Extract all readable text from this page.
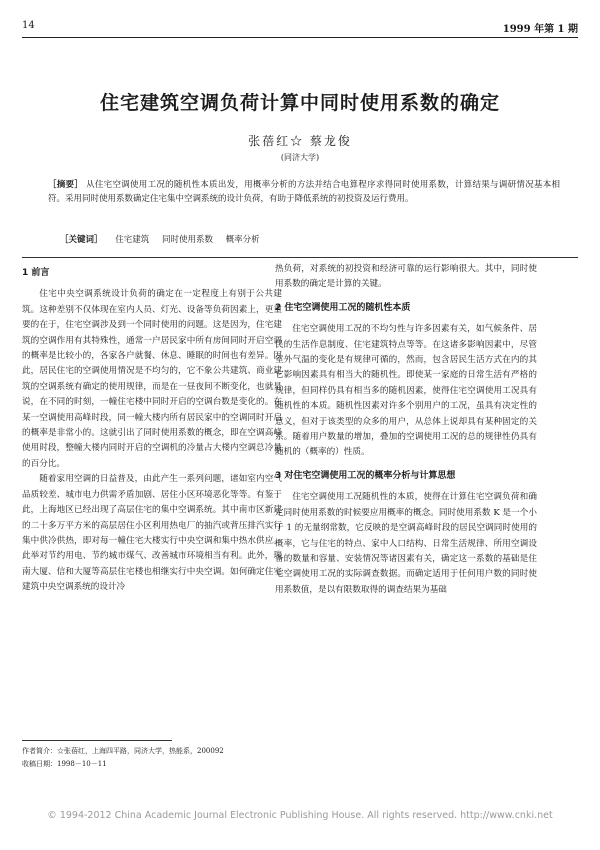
14	1999 年第 1 期
住宅建筑空调负荷计算中同时使用系数的确定
张蓓红☆ 蔡龙俊
(同济大学)
［摘要］ 从住宅空调使用工况的随机性本质出发，用概率分析的方法并结合电算程序求得同时使用系数，计算结果与调研情况基本相符。采用同时使用系数确定住宅集中空调系统的设计负荷，有助于降低系统的初投资及运行费用。
［关键词］ 住宅建筑 同时使用系数 概率分析
1 前言

住宅中央空调系统设计负荷的确定在一定程度上有别于公共建筑。这种差别不仅体现在室内人员、灯光、设备等负荷因素上，更重要的在于，住宅空调涉及到一个同时使用的问题。这是因为，住宅建筑的空调作用有其特殊性，通常一户居民家中所有房间同时开启空调的概率是比较小的，各家各户就餐、休息、睡眠的时间也有差异。因此，居民住宅的空调使用情况是不均匀的，它不象公共建筑、商业建筑的空调系统有确定的使用规律，而是在一昼夜间不断变化，也就是说，在不同的时刻，一幢住宅楼中同时开启的空调台数是变化的。在某一空调使用高峰时段，同一幢大楼内所有居民家中的空调同时开启的概率是非常小的。这就引出了同时使用系数的概念，即在空调高峰使用时段，整幢大楼内同时开启的空调机的冷量占大楼内空调总冷量的百分比。

随着家用空调的日益普及，由此产生一系列问题，诸如室内空气品质较差、城市电力供需矛盾加剧、居住小区环境恶化等等。有鉴于此，上海地区已经出现了高层住宅的集中空调系统。其中南市区新建的二十多万平方米的高层居住小区利用热电厂的抽汽或背压排汽实行集中供冷供热，即对每一幢住宅大楼实行中央空调和集中热水供应。此举对节约用电、节约城市煤气、改善城市环境相当有利。此外，瑞南大厦、信和大厦等高层住宅楼也相继实行中央空调。如何确定住宅建筑中央空调系统的设计冷

热负荷，对系统的初投资和经济可靠的运行影响很大。其中，同时使用系数的确定是计算的关键。

2 住宅空调使用工况的随机性本质

住宅空调使用工况的不均匀性与许多因素有关，如气候条件、居民的生活作息制度、住宅建筑特点等等。在这诸多影响因素中，尽管室外气温的变化是有规律可循的，然而，包含居民生活方式在内的其它影响因素具有相当大的随机性。即使某一家庭的日常生活有严格的规律，但同样仍具有相当多的随机因素，使得住宅空调使用工况具有随机性的本质。随机性因素对许多个别用户的工况，虽具有决定性的意义，但对于该类型的众多的用户，从总体上说却具有某种固定的关系。随着用户数量的增加，叠加的空调使用工况的总的规律性仍具有随机的（概率的）性质。

3 对住宅空调使用工况的概率分析与计算思想

住宅空调使用工况随机性的本质，使得在计算住宅空调负荷和确定同时使用系数的时候要应用概率的概念。同时使用系数 K 是一个小于 1 的无量纲常数，它反映的是空调高峰时段的居民空调同时使用的概率，它与住宅的特点、家中人口结构、日常生活规律、所用空调设备的数量和容量、安装情况等诸因素有关，确定这一系数的基础是住宅空调使用工况的实际调查数据。而确定适用于任何用户数的同时使用系数值，是以有限数取得的调查结果为基础

作者简介：☆张蓓红，上海四平路，同济大学，热能系，200092
收稿日期：1998－10－11
© 1994-2012 China Academic Journal Electronic Publishing House. All rights reserved. http://www.cnki.net
